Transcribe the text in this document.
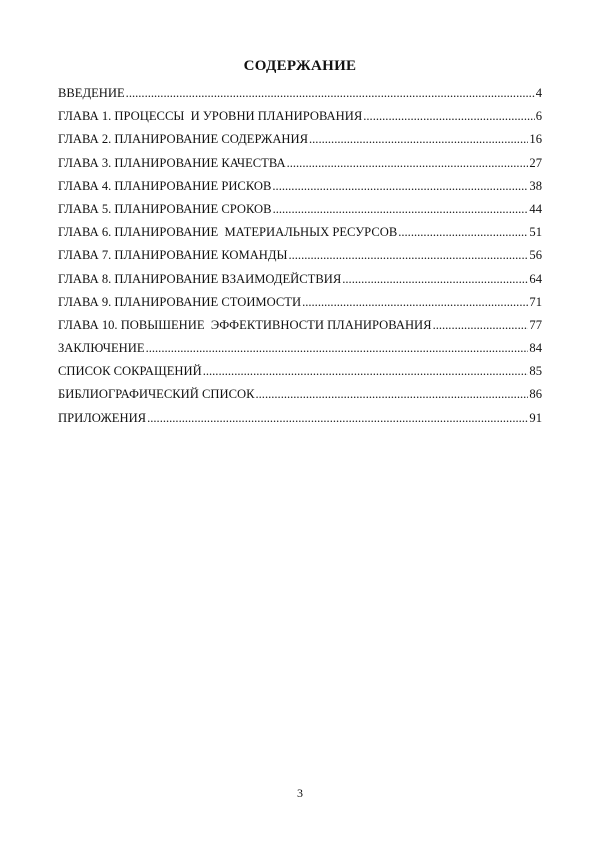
СОДЕРЖАНИЕ
ВВЕДЕНИЕ .....	4
ГЛАВА 1. ПРОЦЕССЫ  И УРОВНИ ПЛАНИРОВАНИЯ .....	6
ГЛАВА 2. ПЛАНИРОВАНИЕ СОДЕРЖАНИЯ .....	16
ГЛАВА 3. ПЛАНИРОВАНИЕ КАЧЕСТВА .....	27
ГЛАВА 4. ПЛАНИРОВАНИЕ РИСКОВ .....	38
ГЛАВА 5. ПЛАНИРОВАНИЕ СРОКОВ .....	44
ГЛАВА 6. ПЛАНИРОВАНИЕ  МАТЕРИАЛЬНЫХ РЕСУРСОВ .....	51
ГЛАВА 7. ПЛАНИРОВАНИЕ КОМАНДЫ .....	56
ГЛАВА 8. ПЛАНИРОВАНИЕ ВЗАИМОДЕЙСТВИЯ .....	64
ГЛАВА 9. ПЛАНИРОВАНИЕ СТОИМОСТИ .....	71
ГЛАВА 10. ПОВЫШЕНИЕ  ЭФФЕКТИВНОСТИ ПЛАНИРОВАНИЯ .....	77
ЗАКЛЮЧЕНИЕ .....	84
СПИСОК СОКРАЩЕНИЙ .....	85
БИБЛИОГРАФИЧЕСКИЙ СПИСОК .....	86
ПРИЛОЖЕНИЯ .....	91
3
